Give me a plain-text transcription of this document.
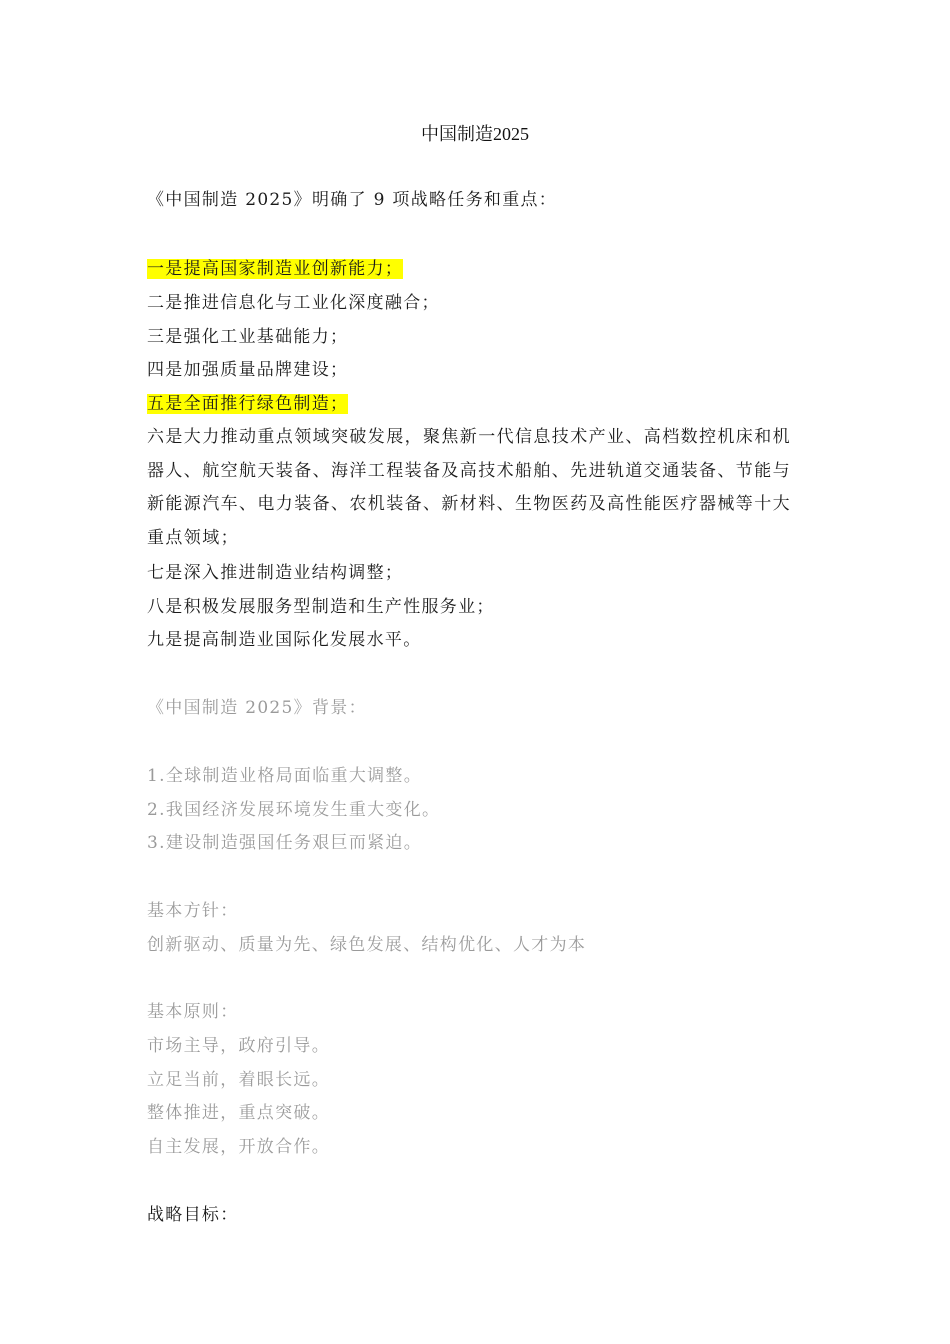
中国制造2025
《中国制造 2025》明确了 9 项战略任务和重点：
一是提高国家制造业创新能力；
二是推进信息化与工业化深度融合；
三是强化工业基础能力；
四是加强质量品牌建设；
五是全面推行绿色制造；
六是大力推动重点领域突破发展，聚焦新一代信息技术产业、高档数控机床和机器人、航空航天装备、海洋工程装备及高技术船舶、先进轨道交通装备、节能与新能源汽车、电力装备、农机装备、新材料、生物医药及高性能医疗器械等十大重点领域；
七是深入推进制造业结构调整；
八是积极发展服务型制造和生产性服务业；
九是提高制造业国际化发展水平。
《中国制造 2025》背景：
1.全球制造业格局面临重大调整。
2.我国经济发展环境发生重大变化。
3.建设制造强国任务艰巨而紧迫。
基本方针：
创新驱动、质量为先、绿色发展、结构优化、人才为本
基本原则：
市场主导，政府引导。
立足当前，着眼长远。
整体推进，重点突破。
自主发展，开放合作。
战略目标：
